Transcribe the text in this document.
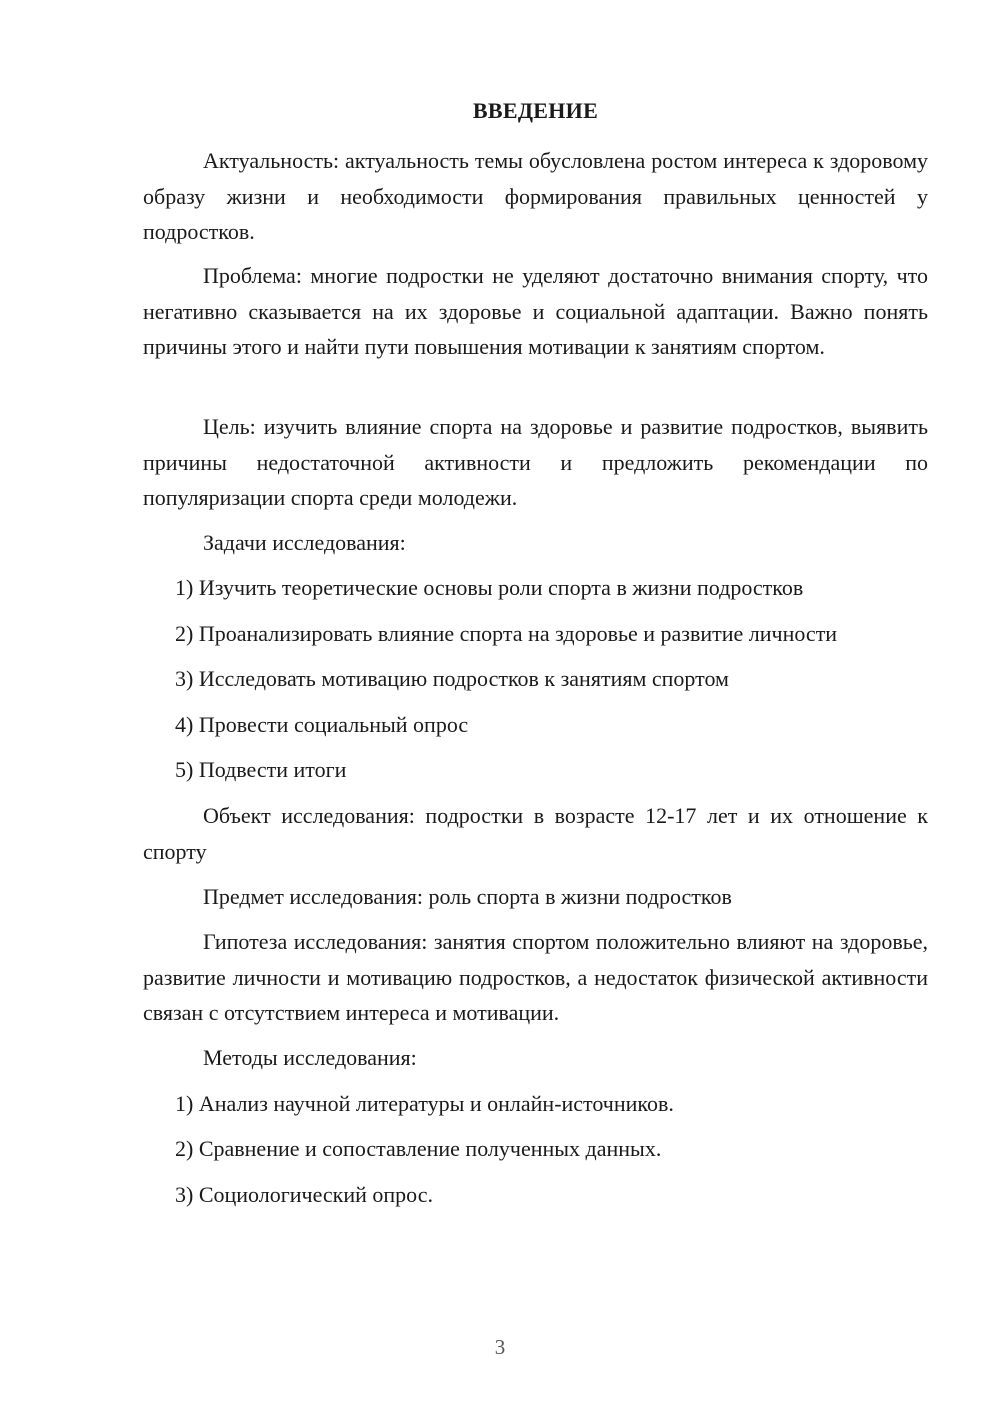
ВВЕДЕНИЕ

Актуальность: актуальность темы обусловлена ростом интереса к здоровому образу жизни и необходимости формирования правильных ценностей у подростков.

Проблема: многие подростки не уделяют достаточно внимания спорту, что негативно сказывается на их здоровье и социальной адаптации. Важно понять причины этого и найти пути повышения мотивации к занятиям спортом.

Цель: изучить влияние спорта на здоровье и развитие подростков, выявить причины недостаточной активности и предложить рекомендации по популяризации спорта среди молодежи.

Задачи исследования:

1) Изучить теоретические основы роли спорта в жизни подростков

2) Проанализировать влияние спорта на здоровье и развитие личности

3) Исследовать мотивацию подростков к занятиям спортом

4) Провести социальный опрос

5) Подвести итоги

Объект исследования: подростки в возрасте 12-17 лет и их отношение к спорту

Предмет исследования: роль спорта в жизни подростков

Гипотеза исследования: занятия спортом положительно влияют на здоровье, развитие личности и мотивацию подростков, а недостаток физической активности связан с отсутствием интереса и мотивации.

Методы исследования:

1) Анализ научной литературы и онлайн-источников.

2) Сравнение и сопоставление полученных данных.

3) Социологический опрос.

3
